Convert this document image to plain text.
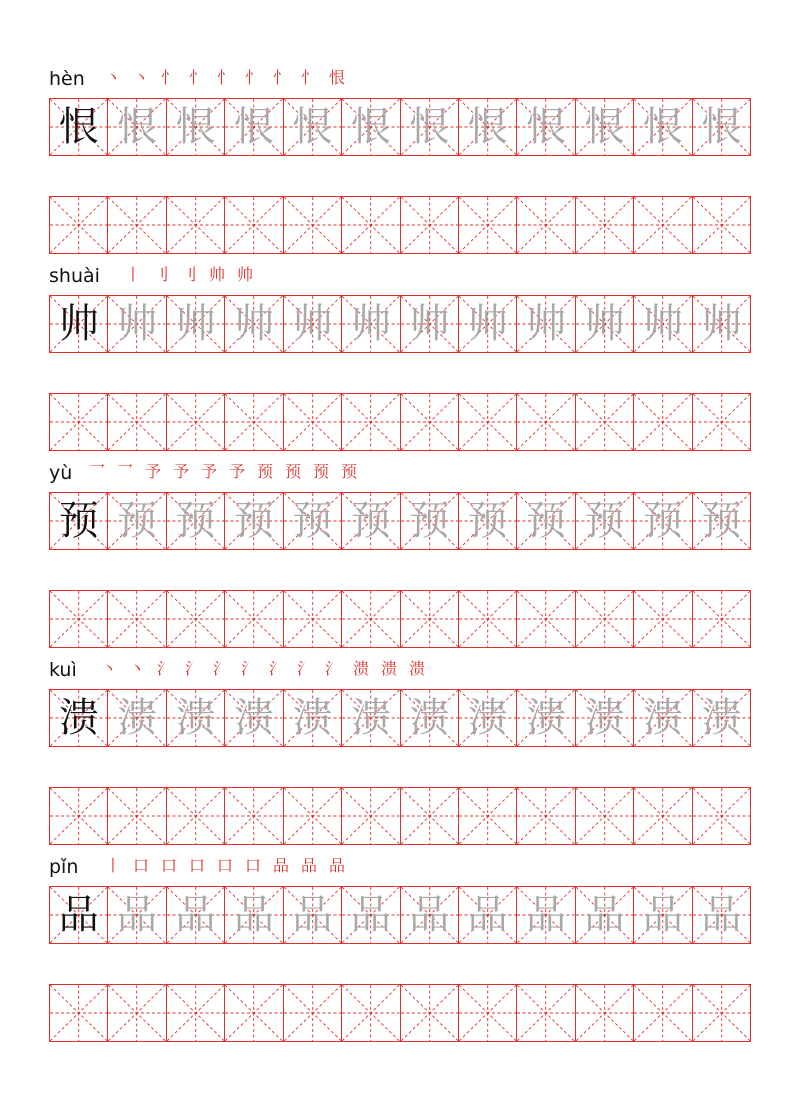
hèn 丶 丶 忄 忄 忄 忄 忄 忄 恨
恨 恨 恨 恨 恨 恨 恨 恨 恨 恨 恨 恨
shuài 丨 刂 刂 帅 帅
帅 帅 帅 帅 帅 帅 帅 帅 帅 帅 帅 帅
yù 乛 乛 予 予 予 予 预 预 预 预
预 预 预 预 预 预 预 预 预 预 预 预
kuì 丶 丶 氵 氵 氵 氵 氵 氵 氵 溃 溃 溃
溃 溃 溃 溃 溃 溃 溃 溃 溃 溃 溃 溃
pǐn 丨 口 口 口 口 口 品 品 品
品 品 品 品 品 品 品 品 品 品 品 品
